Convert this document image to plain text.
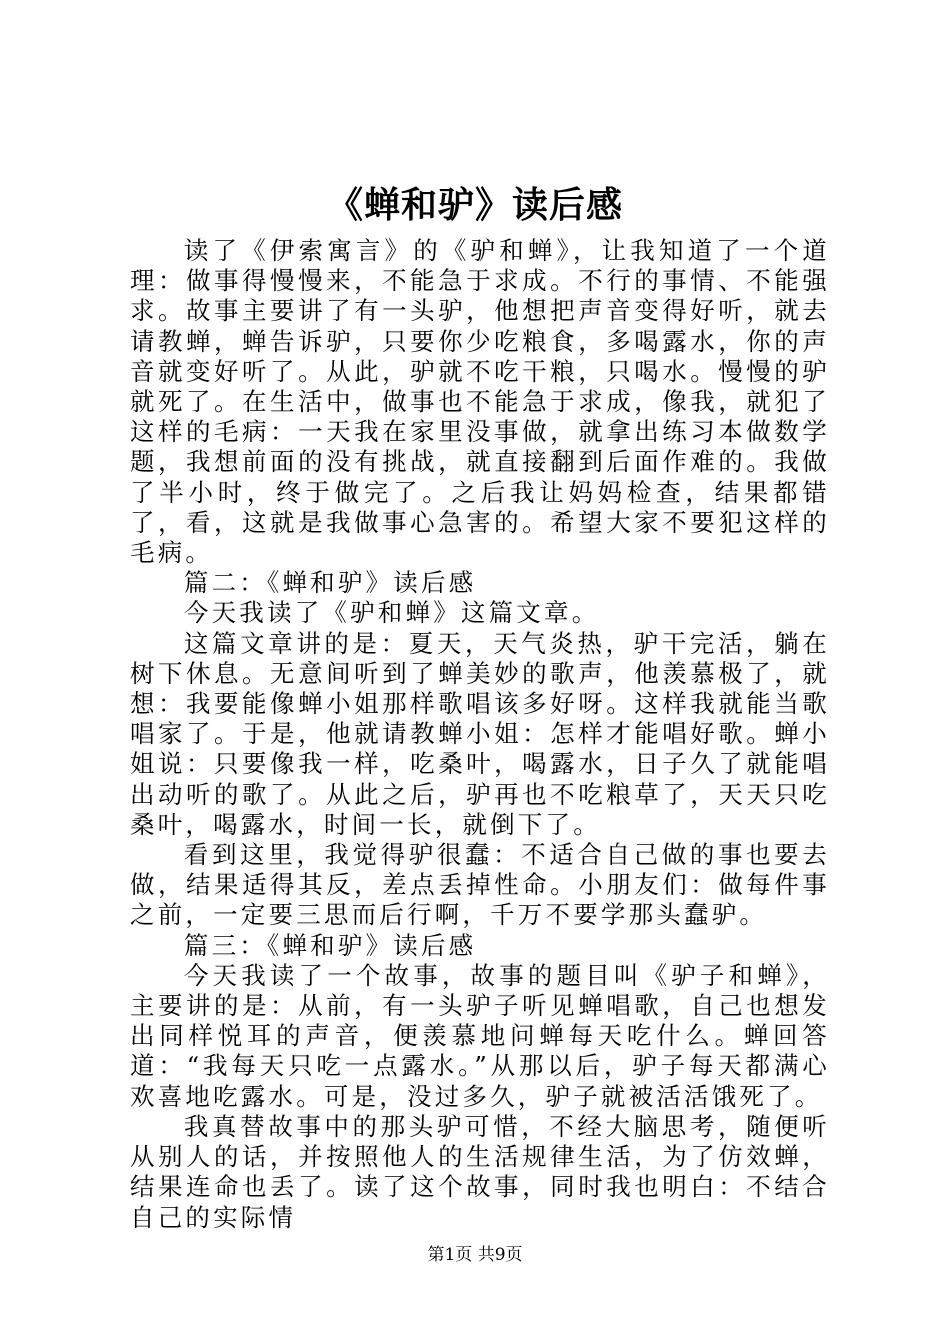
《蝉和驴》读后感

读了《伊索寓言》的《驴和蝉》，让我知道了一个道理：做事得慢慢来，不能急于求成。不行的事情、不能强求。故事主要讲了有一头驴，他想把声音变得好听，就去请教蝉，蝉告诉驴，只要你少吃粮食，多喝露水，你的声音就变好听了。从此，驴就不吃干粮，只喝水。慢慢的驴就死了。在生活中，做事也不能急于求成，像我，就犯了这样的毛病：一天我在家里没事做，就拿出练习本做数学题，我想前面的没有挑战，就直接翻到后面作难的。我做了半小时，终于做完了。之后我让妈妈检查，结果都错了，看，这就是我做事心急害的。希望大家不要犯这样的毛病。

篇二：《蝉和驴》读后感

今天我读了《驴和蝉》这篇文章。

这篇文章讲的是：夏天，天气炎热，驴干完活，躺在树下休息。无意间听到了蝉美妙的歌声，他羡慕极了，就想：我要能像蝉小姐那样歌唱该多好呀。这样我就能当歌唱家了。于是，他就请教蝉小姐：怎样才能唱好歌。蝉小姐说：只要像我一样，吃桑叶，喝露水，日子久了就能唱出动听的歌了。从此之后，驴再也不吃粮草了，天天只吃桑叶，喝露水，时间一长，就倒下了。

看到这里，我觉得驴很蠢：不适合自己做的事也要去做，结果适得其反，差点丢掉性命。小朋友们：做每件事之前，一定要三思而后行啊，千万不要学那头蠢驴。

篇三：《蝉和驴》读后感

今天我读了一个故事，故事的题目叫《驴子和蝉》，主要讲的是：从前，有一头驴子听见蝉唱歌，自己也想发出同样悦耳的声音，便羡慕地问蝉每天吃什么。蝉回答道：“我每天只吃一点露水。”从那以后，驴子每天都满心欢喜地吃露水。可是，没过多久，驴子就被活活饿死了。

我真替故事中的那头驴可惜，不经大脑思考，随便听从别人的话，并按照他人的生活规律生活，为了仿效蝉，结果连命也丢了。读了这个故事，同时我也明白：不结合自己的实际情

第1页 共9页
